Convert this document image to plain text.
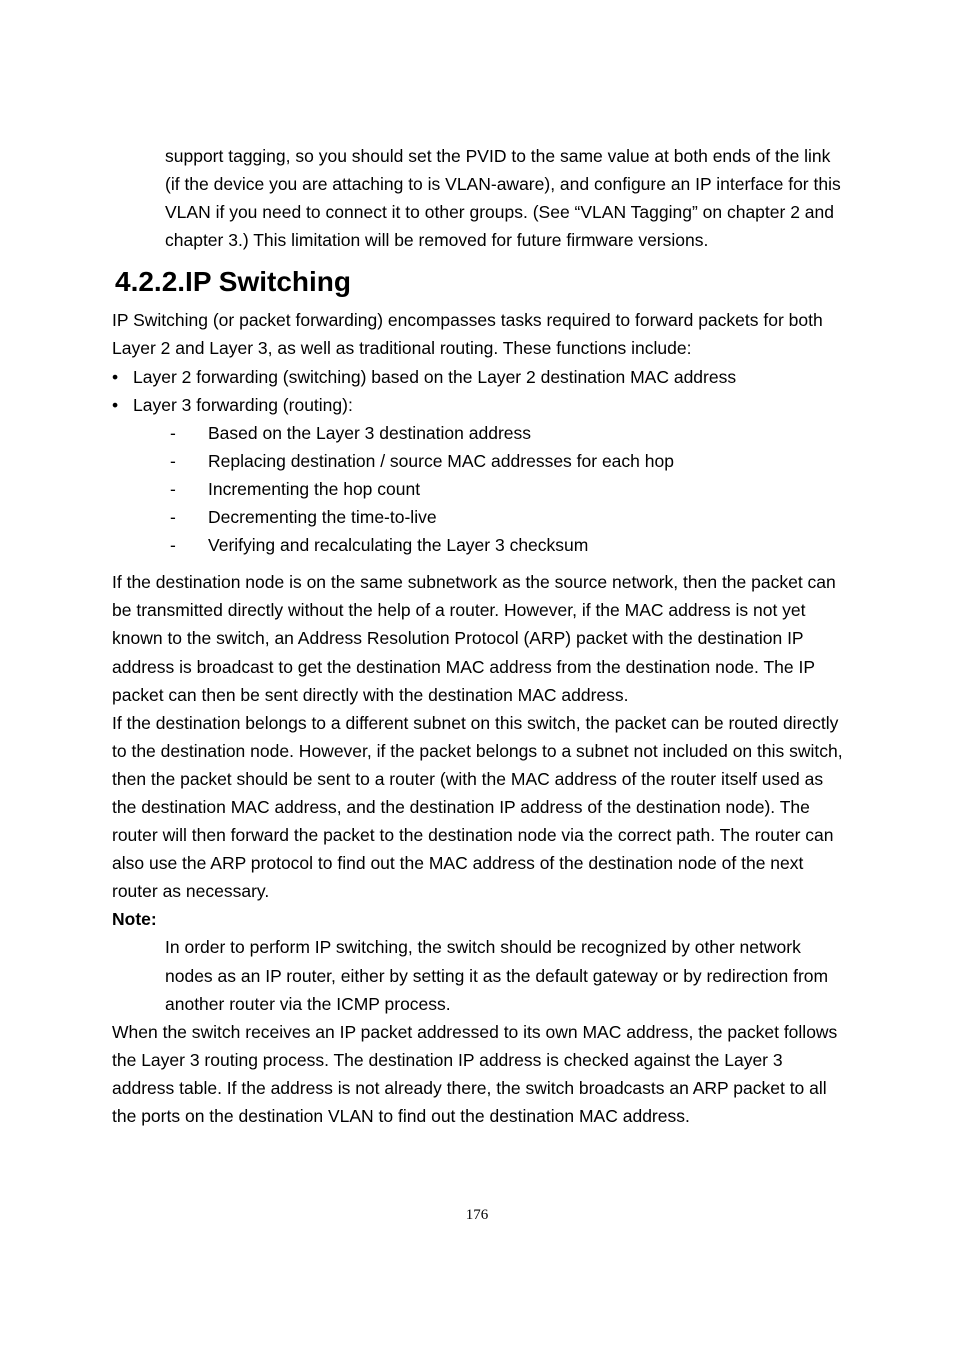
support tagging, so you should set the PVID to the same value at both ends of the link (if the device you are attaching to is VLAN-aware), and configure an IP interface for this VLAN if you need to connect it to other groups. (See “VLAN Tagging” on chapter 2 and chapter 3.) This limitation will be removed for future firmware versions.

4.2.2.IP Switching

IP Switching (or packet forwarding) encompasses tasks required to forward packets for both Layer 2 and Layer 3, as well as traditional routing. These functions include:

• Layer 2 forwarding (switching) based on the Layer 2 destination MAC address
• Layer 3 forwarding (routing):
- Based on the Layer 3 destination address
- Replacing destination / source MAC addresses for each hop
- Incrementing the hop count
- Decrementing the time-to-live
- Verifying and recalculating the Layer 3 checksum

If the destination node is on the same subnetwork as the source network, then the packet can be transmitted directly without the help of a router. However, if the MAC address is not yet known to the switch, an Address Resolution Protocol (ARP) packet with the destination IP address is broadcast to get the destination MAC address from the destination node. The IP packet can then be sent directly with the destination MAC address.

If the destination belongs to a different subnet on this switch, the packet can be routed directly to the destination node. However, if the packet belongs to a subnet not included on this switch, then the packet should be sent to a router (with the MAC address of the router itself used as the destination MAC address, and the destination IP address of the destination node). The router will then forward the packet to the destination node via the correct path. The router can also use the ARP protocol to find out the MAC address of the destination node of the next router as necessary.

Note:

In order to perform IP switching, the switch should be recognized by other network nodes as an IP router, either by setting it as the default gateway or by redirection from another router via the ICMP process.

When the switch receives an IP packet addressed to its own MAC address, the packet follows the Layer 3 routing process. The destination IP address is checked against the Layer 3 address table. If the address is not already there, the switch broadcasts an ARP packet to all the ports on the destination VLAN to find out the destination MAC address.

176
